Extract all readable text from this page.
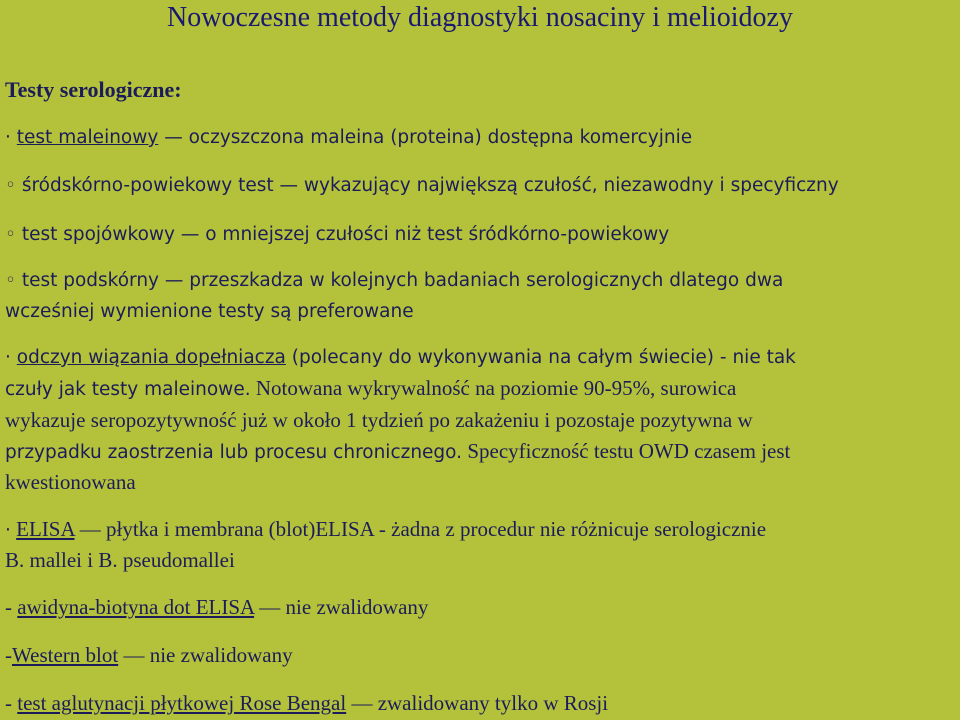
Nowoczesne metody diagnostyki nosaciny i melioidozy
Testy serologiczne:
· test maleinowy — oczyszczona maleina (proteina) dostępna komercyjnie
◦ śródskórno-powiekowy test — wykazujący największą czułość, niezawodny i specyficzny
◦ test spojówkowy — o mniejszej czułości niż test śródkórno-powiekowy
◦ test podskórny — przeszkadza w kolejnych badaniach serologicznych dlatego dwa
wcześniej wymienione testy są preferowane
· odczyn wiązania dopełniacza (polecany do wykonywania na całym świecie) - nie tak
czuły jak testy maleinowe. Notowana wykrywalność na poziomie 90-95%, surowica
wykazuje seropozytywność już w około 1 tydzień po zakażeniu i pozostaje pozytywna w
przypadku zaostrzenia lub procesu chronicznego. Specyficzność testu OWD czasem jest
kwestionowana
· ELISA — płytka i membrana (blot)ELISA - żadna z procedur nie różnicuje serologicznie
B. mallei i B. pseudomallei
- awidyna-biotyna dot ELISA — nie zwalidowany
-Western blot — nie zwalidowany
- test aglutynacji płytkowej Rose Bengal — zwalidowany tylko w Rosji
